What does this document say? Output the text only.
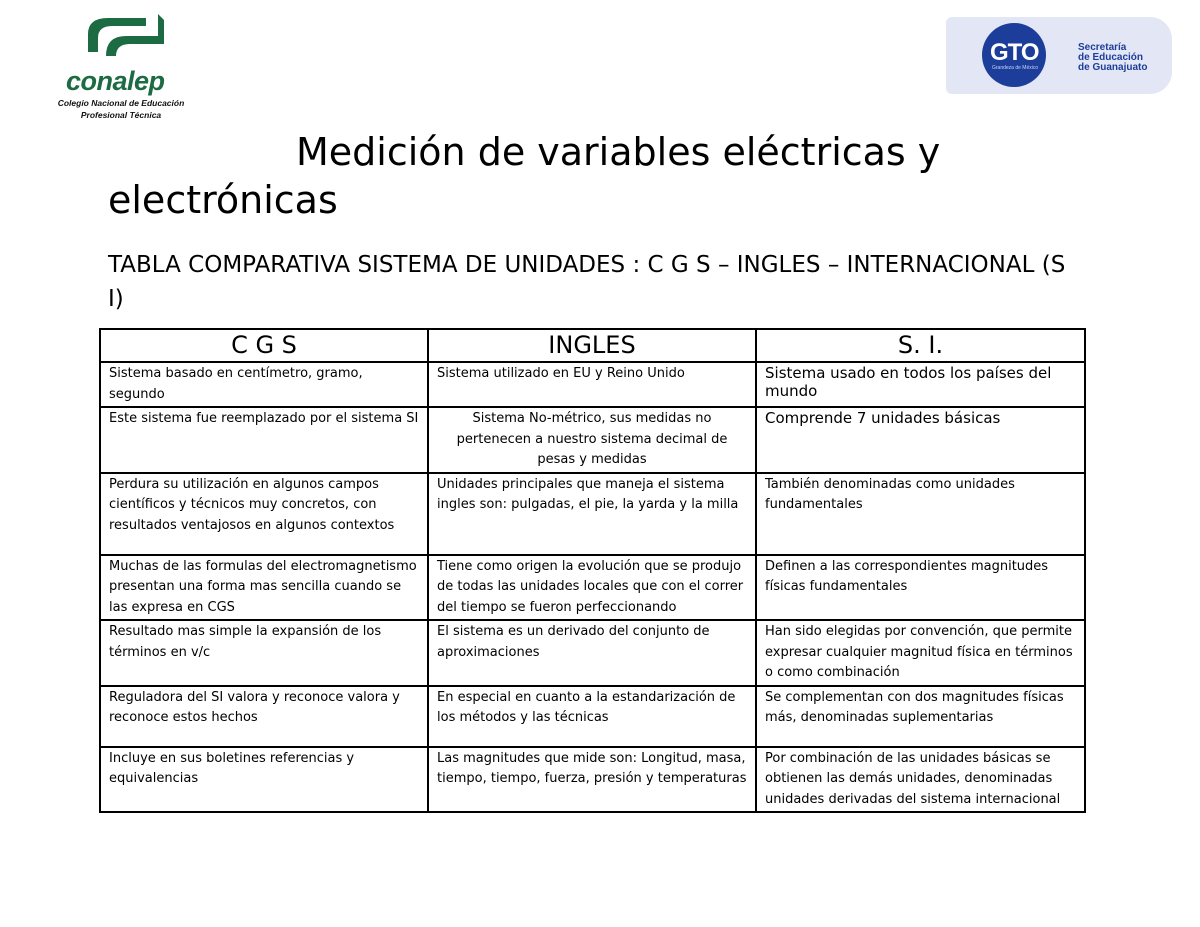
conalep
Colegio Nacional de Educación
Profesional Técnica
GTO
Grandeza de México
Secretaría
de Educación
de Guanajuato
Medición de variables eléctricas y electrónicas
TABLA COMPARATIVA SISTEMA DE UNIDADES : C G S – INGLES – INTERNACIONAL (S I)
C G S	INGLES	S. I.
Sistema basado en centímetro, gramo, segundo	Sistema utilizado en EU y Reino Unido	Sistema usado en todos los países del mundo
Este sistema fue reemplazado por el sistema SI	Sistema No-métrico, sus medidas no pertenecen a nuestro sistema decimal de pesas y medidas	Comprende 7 unidades básicas
Perdura su utilización en algunos campos científicos y técnicos muy concretos, con resultados ventajosos en algunos contextos	Unidades principales que maneja el sistema ingles son: pulgadas, el pie, la yarda y la milla	También denominadas como unidades fundamentales
Muchas de las formulas del electromagnetismo presentan una forma mas sencilla cuando se las expresa en CGS	Tiene como origen la evolución que se produjo de todas las unidades locales que con el correr del tiempo se fueron perfeccionando	Definen a las correspondientes magnitudes físicas fundamentales
Resultado mas simple la expansión de los términos en v/c	El sistema es un derivado del conjunto de aproximaciones	Han sido elegidas por convención, que permite expresar cualquier magnitud física en términos o como combinación
Reguladora del SI valora y reconoce valora y reconoce estos hechos	En especial en cuanto a la estandarización de los métodos y las técnicas	Se complementan con dos magnitudes físicas más, denominadas suplementarias
Incluye en sus boletines referencias y equivalencias	Las magnitudes que mide son: Longitud, masa, tiempo, tiempo, fuerza, presión y temperaturas	Por combinación de las unidades básicas se obtienen las demás unidades, denominadas unidades derivadas del sistema internacional
